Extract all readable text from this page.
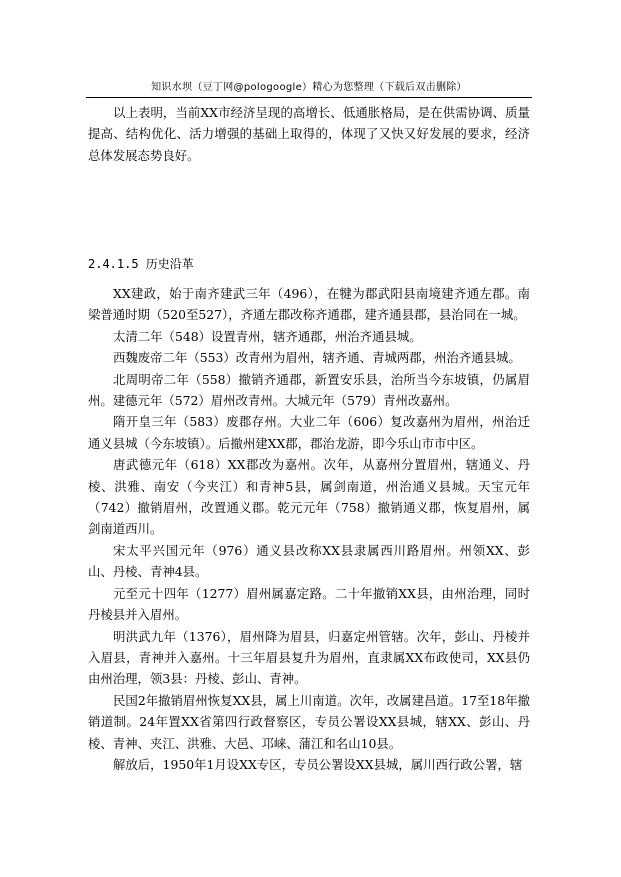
知识水坝（豆丁网@pologoogle）精心为您整理（下载后双击删除）

以上表明，当前XX市经济呈现的高增长、低通胀格局，是在供需协调、质量提高、结构优化、活力增强的基础上取得的，体现了又快又好发展的要求，经济总体发展态势良好。

2.4.1.5 历史沿革

XX建政，始于南齐建武三年（496），在犍为郡武阳县南境建齐通左郡。南梁普通时期（520至527），齐通左郡改称齐通郡，建齐通县郡，县治同在一城。

太清二年（548）设置青州，辖齐通郡，州治齐通县城。

西魏废帝二年（553）改青州为眉州，辖齐通、青城两郡，州治齐通县城。

北周明帝二年（558）撤销齐通郡，新置安乐县，治所当今东坡镇，仍属眉州。建德元年（572）眉州改青州。大城元年（579）青州改嘉州。

隋开皇三年（583）废郡存州。大业二年（606）复改嘉州为眉州，州治迁通义县城（今东坡镇）。后撤州建XX郡，郡治龙游，即今乐山市市中区。

唐武德元年（618）XX郡改为嘉州。次年，从嘉州分置眉州，辖通义、丹棱、洪雅、南安（今夹江）和青神5县，属剑南道，州治通义县城。天宝元年（742）撤销眉州，改置通义郡。乾元元年（758）撤销通义郡，恢复眉州，属剑南道西川。

宋太平兴国元年（976）通义县改称XX县隶属西川路眉州。州领XX、彭山、丹棱、青神4县。

元至元十四年（1277）眉州属嘉定路。二十年撤销XX县，由州治理，同时丹棱县并入眉州。

明洪武九年（1376），眉州降为眉县，归嘉定州管辖。次年，彭山、丹棱并入眉县，青神并入嘉州。十三年眉县复升为眉州，直隶属XX布政使司，XX县仍由州治理，领3县：丹棱、彭山、青神。

民国2年撤销眉州恢复XX县，属上川南道。次年，改属建昌道。17至18年撤销道制。24年置XX省第四行政督察区，专员公署设XX县城，辖XX、彭山、丹棱、青神、夹江、洪雅、大邑、邛崃、蒲江和名山10县。

解放后，1950年1月设XX专区，专员公署设XX县城，属川西行政公署，辖
